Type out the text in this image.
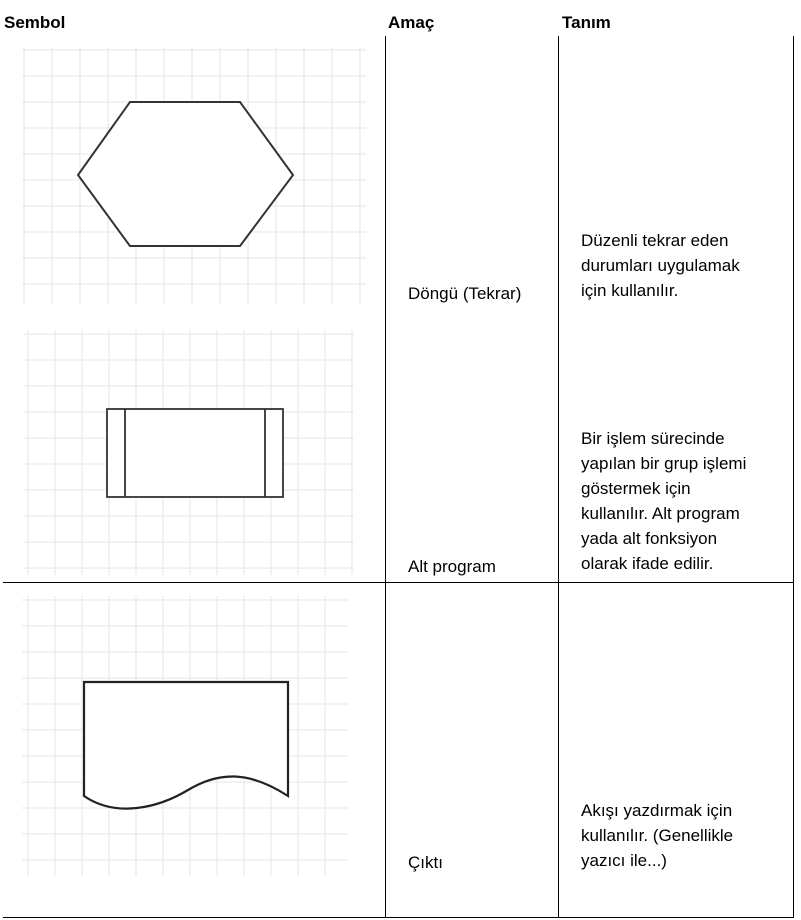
Sembol	Amaç	Tanım
Döngü (Tekrar)
Düzenli tekrar eden
durumları uygulamak
için kullanılır.
Alt program
Bir işlem sürecinde
yapılan bir grup işlemi
göstermek için
kullanılır. Alt program
yada alt fonksiyon
olarak ifade edilir.
Çıktı
Akışı yazdırmak için
kullanılır. (Genellikle
yazıcı ile...)
